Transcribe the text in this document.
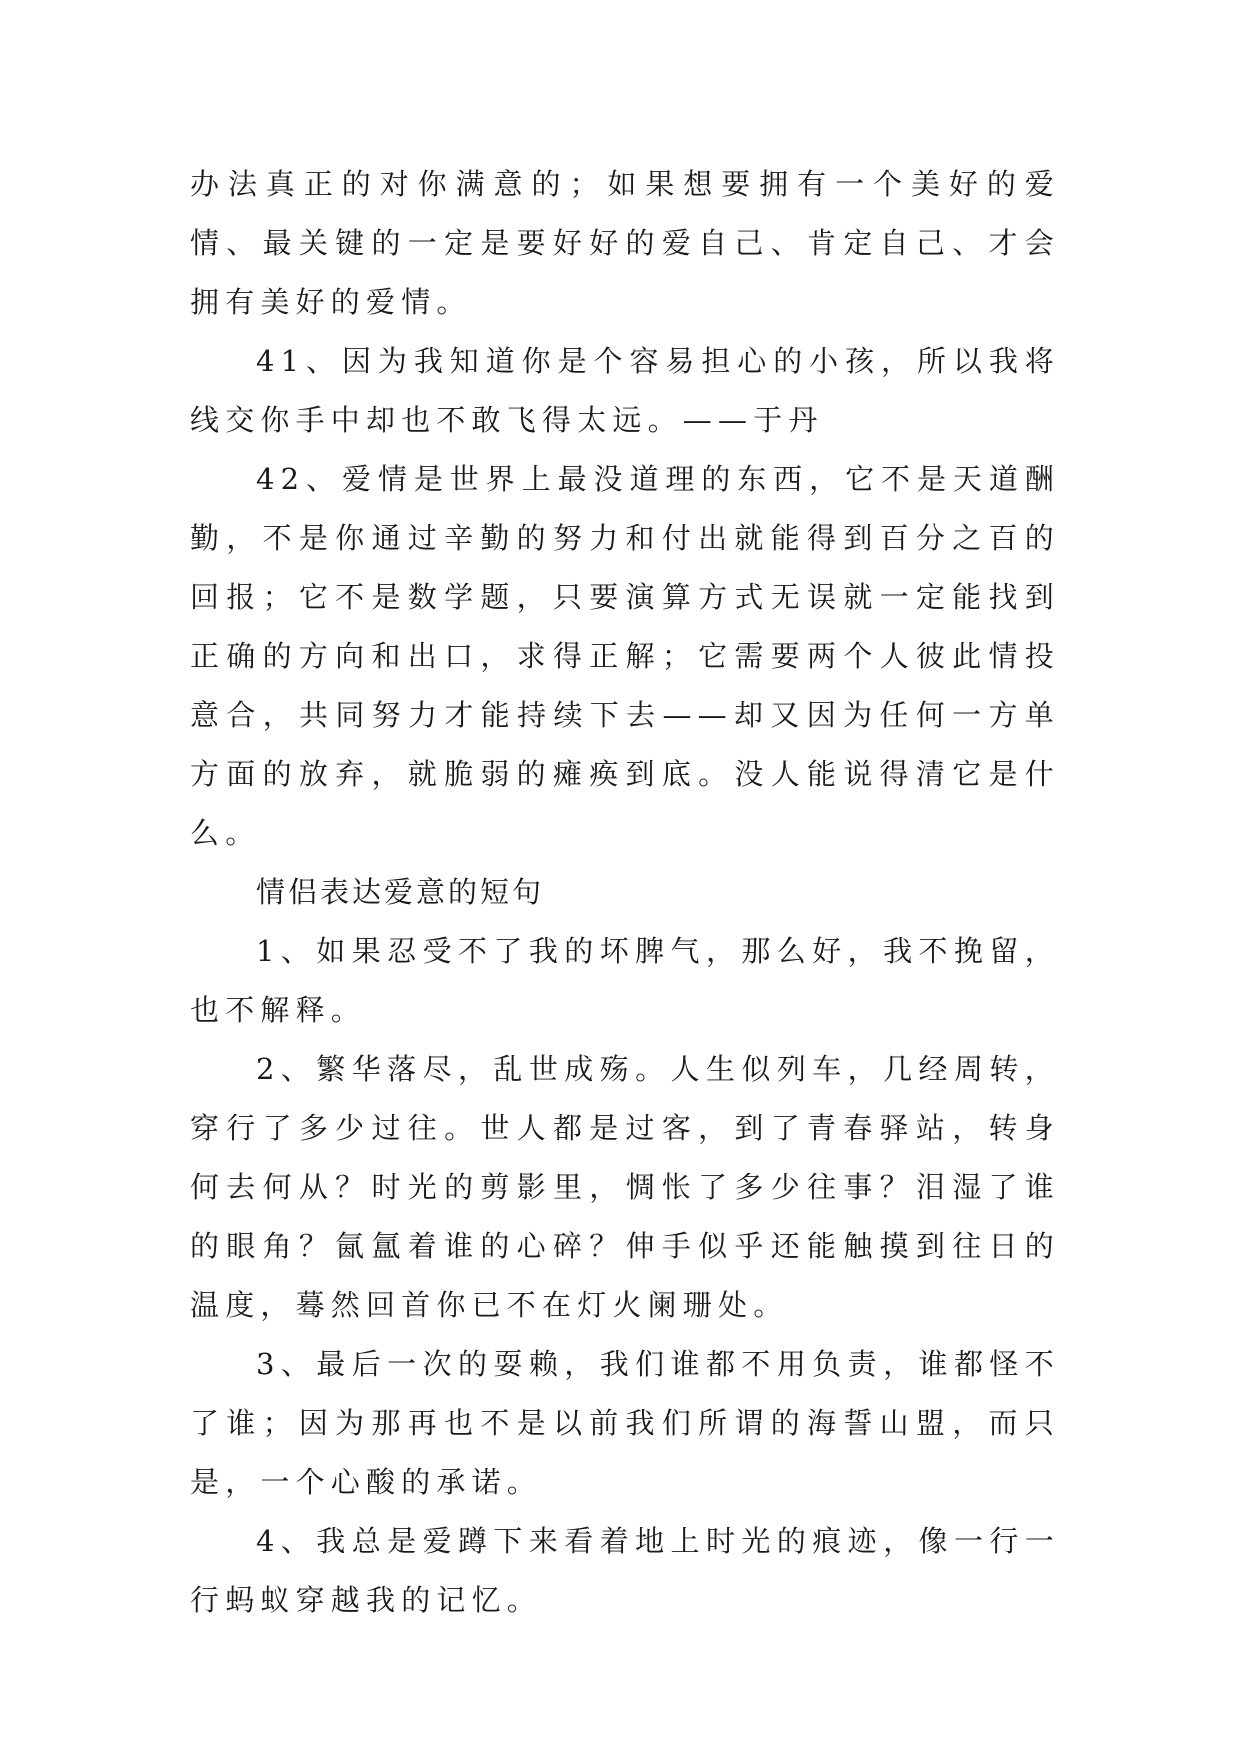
办法真正的对你满意的；如果想要拥有一个美好的爱情、最关键的一定是要好好的爱自己、肯定自己、才会拥有美好的爱情。

41、因为我知道你是个容易担心的小孩，所以我将线交你手中却也不敢飞得太远。——于丹

42、爱情是世界上最没道理的东西，它不是天道酬勤，不是你通过辛勤的努力和付出就能得到百分之百的回报；它不是数学题，只要演算方式无误就一定能找到正确的方向和出口，求得正解；它需要两个人彼此情投意合，共同努力才能持续下去——却又因为任何一方单方面的放弃，就脆弱的瘫痪到底。没人能说得清它是什么。

情侣表达爱意的短句

1、如果忍受不了我的坏脾气，那么好，我不挽留，也不解释。

2、繁华落尽，乱世成殇。人生似列车，几经周转，穿行了多少过往。世人都是过客，到了青春驿站，转身何去何从？时光的剪影里，惆怅了多少往事？泪湿了谁的眼角？氤氲着谁的心碎？伸手似乎还能触摸到往日的温度，蓦然回首你已不在灯火阑珊处。

3、最后一次的耍赖，我们谁都不用负责，谁都怪不了谁；因为那再也不是以前我们所谓的海誓山盟，而只是，一个心酸的承诺。

4、我总是爱蹲下来看着地上时光的痕迹，像一行一行蚂蚁穿越我的记忆。
